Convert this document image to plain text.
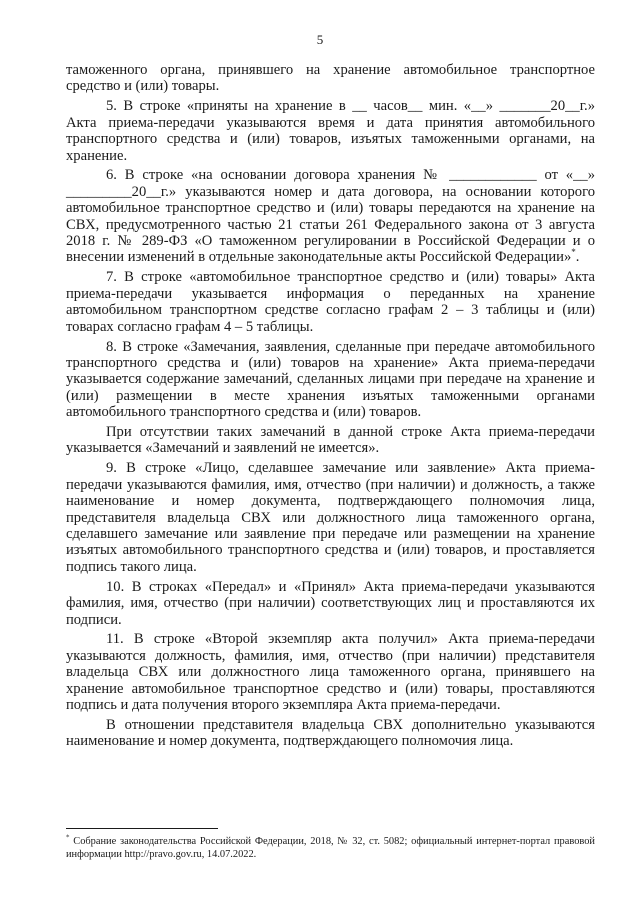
5

таможенного органа, принявшего на хранение автомобильное транспортное средство и (или) товары.

5. В строке «приняты на хранение в __ часов__ мин. «__» _______20__г.» Акта приема-передачи указываются время и дата принятия автомобильного транспортного средства и (или) товаров, изъятых таможенными органами, на хранение.

6. В строке «на основании договора хранения № ____________ от «__» _________20__г.» указываются номер и дата договора, на основании которого автомобильное транспортное средство и (или) товары передаются на хранение на СВХ, предусмотренного частью 21 статьи 261 Федерального закона от 3 августа 2018 г. № 289-ФЗ «О таможенном регулировании в Российской Федерации и о внесении изменений в отдельные законодательные акты Российской Федерации»*.

7. В строке «автомобильное транспортное средство и (или) товары» Акта приема-передачи указывается информация о переданных на хранение автомобильном транспортном средстве согласно графам 2 – 3 таблицы и (или) товарах согласно графам 4 – 5 таблицы.

8. В строке «Замечания, заявления, сделанные при передаче автомобильного транспортного средства и (или) товаров на хранение» Акта приема-передачи указывается содержание замечаний, сделанных лицами при передаче на хранение и (или) размещении в месте хранения изъятых таможенными органами автомобильного транспортного средства и (или) товаров.

При отсутствии таких замечаний в данной строке Акта приема-передачи указывается «Замечаний и заявлений не имеется».

9. В строке «Лицо, сделавшее замечание или заявление» Акта приема-передачи указываются фамилия, имя, отчество (при наличии) и должность, а также наименование и номер документа, подтверждающего полномочия лица, представителя владельца СВХ или должностного лица таможенного органа, сделавшего замечание или заявление при передаче или размещении на хранение изъятых автомобильного транспортного средства и (или) товаров, и проставляется подпись такого лица.

10. В строках «Передал» и «Принял» Акта приема-передачи указываются фамилия, имя, отчество (при наличии) соответствующих лиц и проставляются их подписи.

11. В строке «Второй экземпляр акта получил» Акта приема-передачи указываются должность, фамилия, имя, отчество (при наличии) представителя владельца СВХ или должностного лица таможенного органа, принявшего на хранение автомобильное транспортное средство и (или) товары, проставляются подпись и дата получения второго экземпляра Акта приема-передачи.

В отношении представителя владельца СВХ дополнительно указываются наименование и номер документа, подтверждающего полномочия лица.

* Собрание законодательства Российской Федерации, 2018, № 32, ст. 5082; официальный интернет-портал правовой информации http://pravo.gov.ru, 14.07.2022.
